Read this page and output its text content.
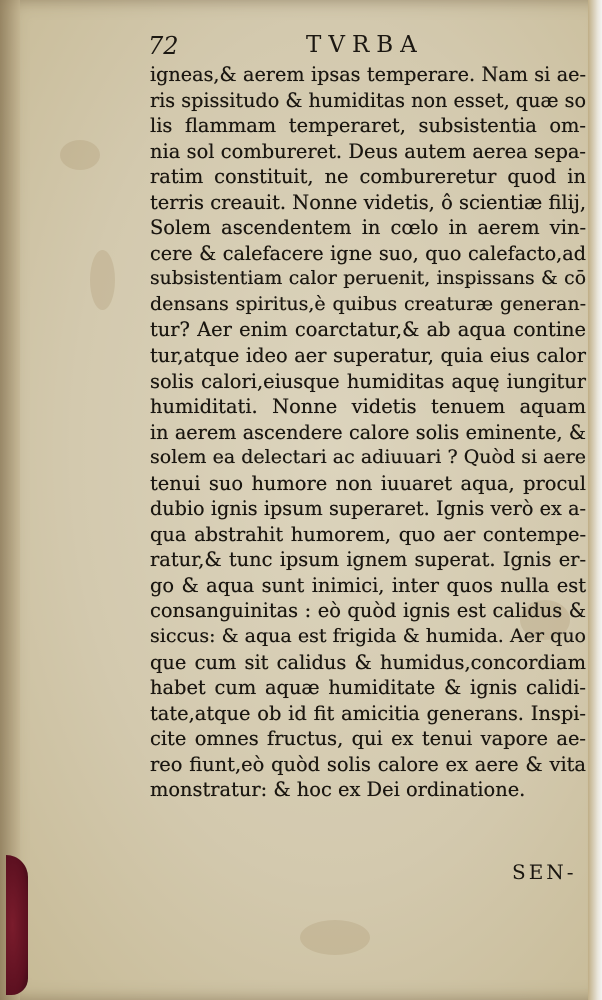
72	TVRBA
igneas,& aerem ipsas temperare. Nam si ae-
ris spissitudo & humiditas non esset, quæ so
lis flammam temperaret, subsistentia om-
nia sol combureret. Deus autem aerea sepa-
ratim constituit, ne combureretur quod in
terris creauit. Nonne videtis, ô scientiæ filij,
Solem ascendentem in cœlo in aerem vin-
cere & calefacere igne suo, quo calefacto,ad
subsistentiam calor peruenit, inspissans & cō
densans spiritus,è quibus creaturæ generan-
tur? Aer enim coarctatur,& ab aqua contine
tur,atque ideo aer superatur, quia eius calor
solis calori,eiusque humiditas aquę iungitur
humiditati. Nonne videtis tenuem aquam
in aerem ascendere calore solis eminente, &
solem ea delectari ac adiuuari ? Quòd si aere
tenui suo humore non iuuaret aqua, procul
dubio ignis ipsum superaret. Ignis verò ex a-
qua abstrahit humorem, quo aer contempe-
ratur,& tunc ipsum ignem superat. Ignis er-
go & aqua sunt inimici, inter quos nulla est
consanguinitas : eò quòd ignis est calidus &
siccus: & aqua est frigida & humida. Aer quo
que cum sit calidus & humidus,concordiam
habet cum aquæ humiditate & ignis calidi-
tate,atque ob id fit amicitia generans. Inspi-
cite omnes fructus, qui ex tenui vapore ae-
reo fiunt,eò quòd solis calore ex aere & vita
monstratur: & hoc ex Dei ordinatione.
SEN-
